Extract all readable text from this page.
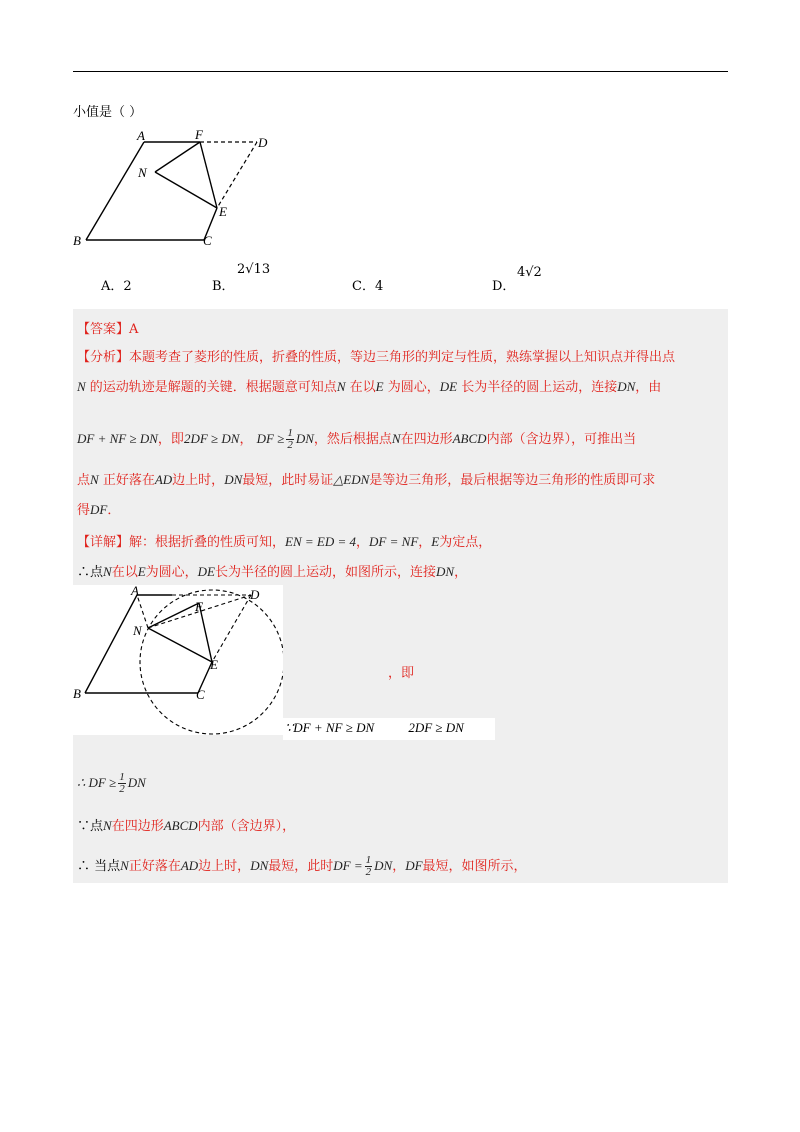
小值是（ ）
A	F
D
N
E
B	C
A．2	B．
2√13
C．4	D．
4√2
【答案】A
【分析】本题考查了菱形的性质，折叠的性质，等边三角形的判定与性质，熟练掌握以上知识点并得出点
N 的运动轨迹是解题的关键．根据题意可知点N 在以E 为圆心，DE 长为半径的圆上运动，连接DN，由
DF + NF ≥ DN，即2DF ≥ DN， DF ≥ $\frac{1}{2}$ DN，然后根据点N在四边形ABCD内部（含边界），可推出当
点N 正好落在AD边上时，DN最短，此时易证△EDN是等边三角形，最后根据等边三角形的性质即可求
得DF．
【详解】解：根据折叠的性质可知，EN = ED = 4，DF = NF，E为定点，
∴点N在以E为圆心，DE长为半径的圆上运动，如图所示，连接DN，
A
F
D
N
E
B	C
，即
∵DF + NF ≥ DN	2DF ≥ DN
∴ DF ≥ $\frac{1}{2}$ DN
∵点N在四边形ABCD内部（含边界），
∴ 当点N正好落在AD边上时，DN最短，此时DF = $\frac{1}{2}$ DN，DF最短，如图所示，
